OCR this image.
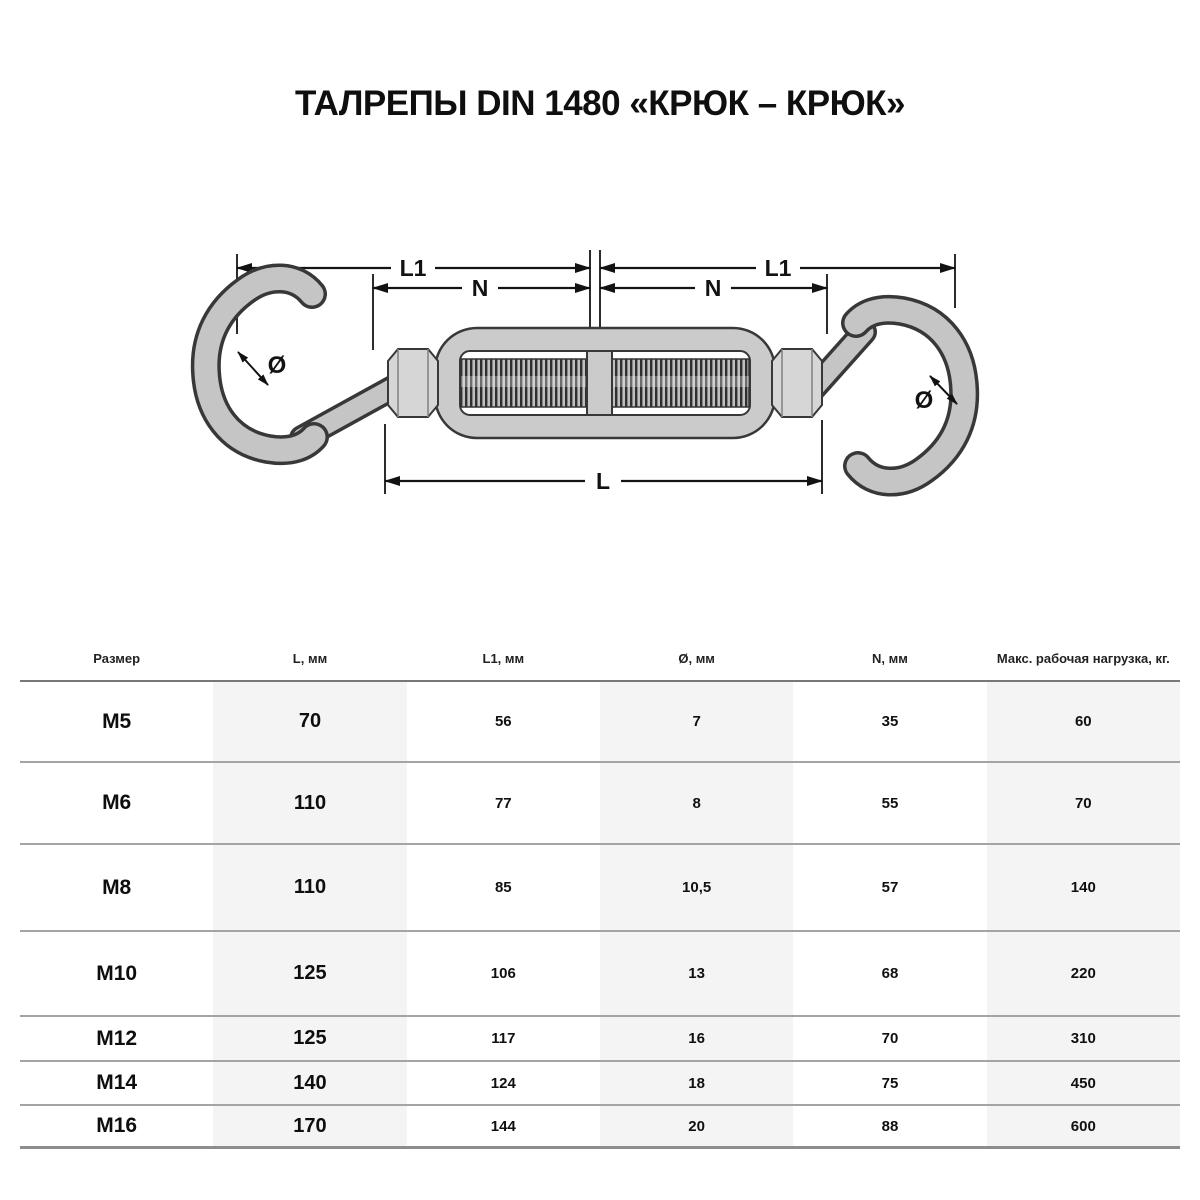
ТАЛРЕПЫ DIN 1480 «КРЮК – КРЮК»
L1	L1
N	N
L
Ø
Ø
Размер	L, мм	L1, мм	Ø, мм	N, мм	Макс. рабочая нагрузка, кг.
M5	70	56	7	35	60
M6	110	77	8	55	70
M8	110	85	10,5	57	140
M10	125	106	13	68	220
M12	125	117	16	70	310
M14	140	124	18	75	450
M16	170	144	20	88	600
